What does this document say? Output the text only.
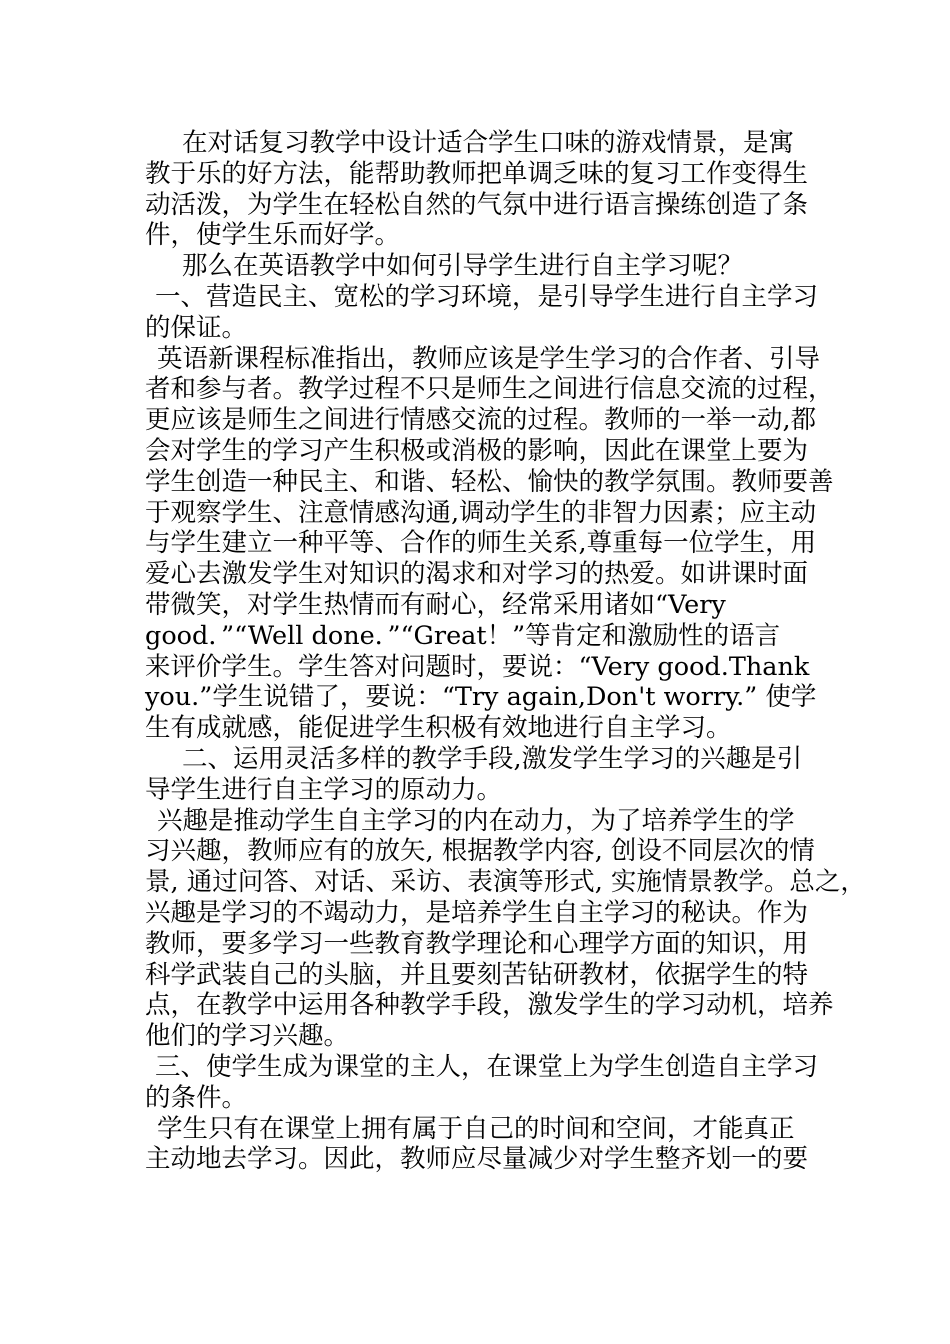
在对话复习教学中设计适合学生口味的游戏情景，是寓
教于乐的好方法，能帮助教师把单调乏味的复习工作变得生
动活泼，为学生在轻松自然的气氛中进行语言操练创造了条
件，使学生乐而好学。
那么在英语教学中如何引导学生进行自主学习呢？
一、营造民主、宽松的学习环境，是引导学生进行自主学习
的保证。
英语新课程标准指出，教师应该是学生学习的合作者、引导
者和参与者。教学过程不只是师生之间进行信息交流的过程，
更应该是师生之间进行情感交流的过程。教师的一举一动,都
会对学生的学习产生积极或消极的影响，因此在课堂上要为
学生创造一种民主、和谐、轻松、愉快的教学氛围。教师要善
于观察学生、注意情感沟通,调动学生的非智力因素；应主动
与学生建立一种平等、合作的师生关系,尊重每一位学生，用
爱心去激发学生对知识的渴求和对学习的热爱。如讲课时面
带微笑，对学生热情而有耐心，经常采用诸如“Very
good．”“Well done．”“Great！”等肯定和激励性的语言
来评价学生。学生答对问题时，要说：“Very good.Thank
you.”学生说错了，要说：“Try again,Don't worry.” 使学
生有成就感，能促进学生积极有效地进行自主学习。
二、运用灵活多样的教学手段,激发学生学习的兴趣是引
导学生进行自主学习的原动力。
兴趣是推动学生自主学习的内在动力，为了培养学生的学
习兴趣，教师应有的放矢, 根据教学内容, 创设不同层次的情
景, 通过问答、对话、采访、表演等形式, 实施情景教学。总之，
兴趣是学习的不竭动力，是培养学生自主学习的秘诀。作为
教师，要多学习一些教育教学理论和心理学方面的知识，用
科学武装自己的头脑，并且要刻苦钻研教材，依据学生的特
点，在教学中运用各种教学手段，激发学生的学习动机，培养
他们的学习兴趣。
三、使学生成为课堂的主人，在课堂上为学生创造自主学习
的条件。
学生只有在课堂上拥有属于自己的时间和空间，才能真正
主动地去学习。因此，教师应尽量减少对学生整齐划一的要
